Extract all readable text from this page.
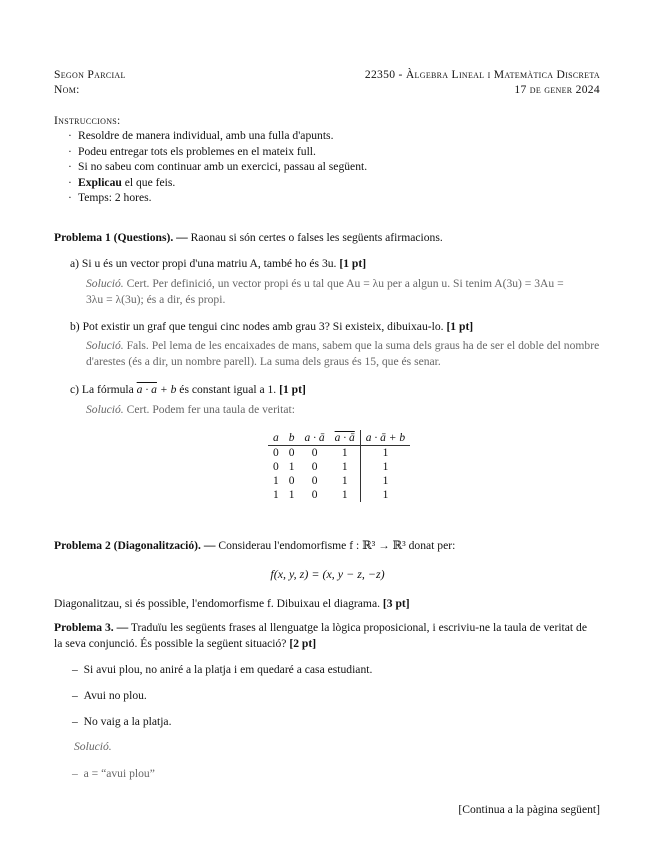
Segon Parcial	22350 - Àlgebra Lineal i Matemàtica Discreta
Nom:	17 de gener 2024
Instruccions:
· Resoldre de manera individual, amb una fulla d'apunts.
· Podeu entregar tots els problemes en el mateix full.
· Si no sabeu com continuar amb un exercici, passau al següent.
· Explicau el que feis.
· Temps: 2 hores.
Problema 1 (Questions). — Raonau si són certes o falses les següents afirmacions.
a) Si u és un vector propi d'una matriu A, també ho és 3u. [1 pt]
Solució. Cert. Per definició, un vector propi és u tal que Au = λu per a algun u. Si tenim A(3u) = 3Au =
3λu = λ(3u); és a dir, és propi.
b) Pot existir un graf que tengui cinc nodes amb grau 3? Si existeix, dibuixau-lo. [1 pt]
Solució. Fals. Pel lema de les encaixades de mans, sabem que la suma dels graus ha de ser el doble del nombre
d'arestes (és a dir, un nombre parell). La suma dels graus és 15, que és senar.
c) La fórmula a · a + b és constant igual a 1. [1 pt]
Solució. Cert. Podem fer una taula de veritat:
a	b	a · ā	a · ā	a · ā + b
0	0	0	1	1
0	1	0	1	1
1	0	0	1	1
1	1	0	1	1
Problema 2 (Diagonalització). — Considerau l'endomorfisme f : ℝ³ → ℝ³ donat per:
f(x, y, z) = (x, y − z, −z)
Diagonalitzau, si és possible, l'endomorfisme f. Dibuixau el diagrama. [3 pt]
Problema 3. — Traduïu les següents frases al llenguatge la lògica proposicional, i escriviu-ne la taula de veritat de
la seva conjunció. És possible la següent situació? [2 pt]
–  Si avui plou, no aniré a la platja i em quedaré a casa estudiant.
–  Avui no plou.
–  No vaig a la platja.
Solució.
–  a = “avui plou”
[Continua a la pàgina següent]
